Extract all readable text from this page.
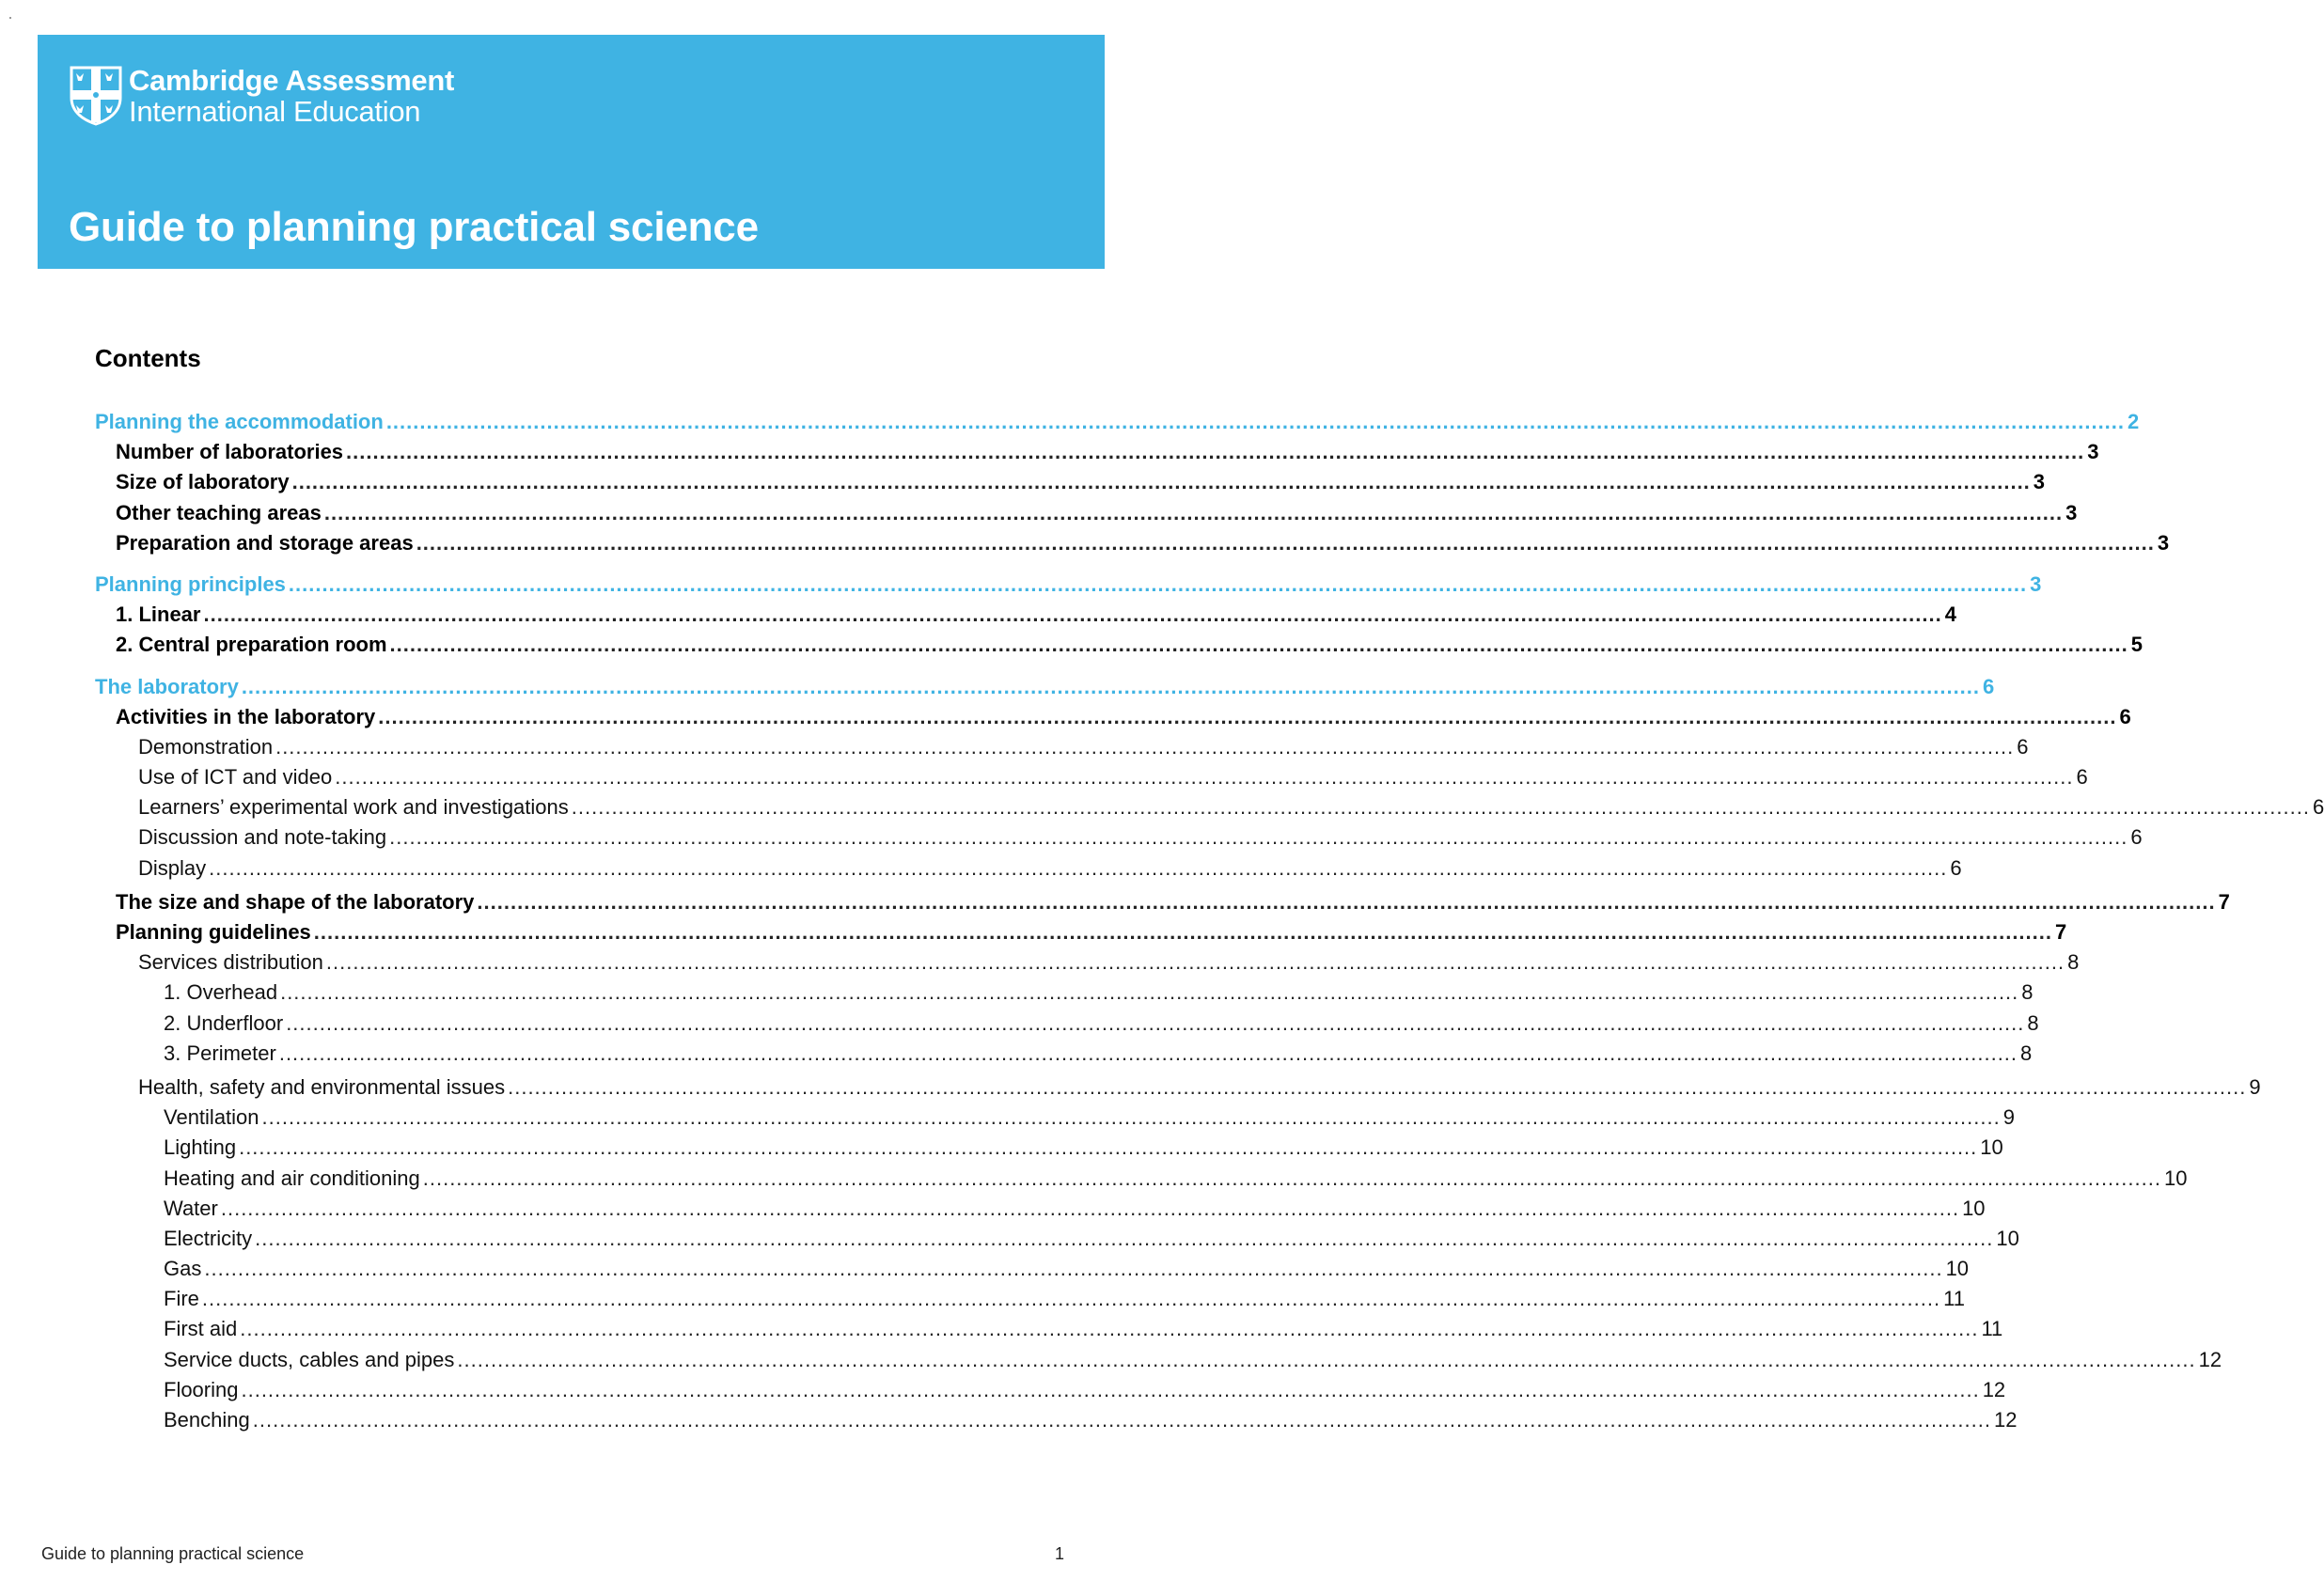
Cambridge Assessment
International Education
Guide to planning practical science
Contents
Planning the accommodation .................................................................................................................................................................................................................................................................... 2
Number of laboratories .................................................................................................................................................................................................................................................................... 3
Size of laboratory .................................................................................................................................................................................................................................................................... 3
Other teaching areas .................................................................................................................................................................................................................................................................... 3
Preparation and storage areas .................................................................................................................................................................................................................................................................... 3
Planning principles .................................................................................................................................................................................................................................................................... 3
1. Linear .................................................................................................................................................................................................................................................................... 4
2. Central preparation room .................................................................................................................................................................................................................................................................... 5
The laboratory .................................................................................................................................................................................................................................................................... 6
Activities in the laboratory .................................................................................................................................................................................................................................................................... 6
Demonstration .................................................................................................................................................................................................................................................................... 6
Use of ICT and video .................................................................................................................................................................................................................................................................... 6
Learners’ experimental work and investigations .................................................................................................................................................................................................................................................................... 6
Discussion and note-taking .................................................................................................................................................................................................................................................................... 6
Display .................................................................................................................................................................................................................................................................... 6
The size and shape of the laboratory .................................................................................................................................................................................................................................................................... 7
Planning guidelines .................................................................................................................................................................................................................................................................... 7
Services distribution .................................................................................................................................................................................................................................................................... 8
1. Overhead .................................................................................................................................................................................................................................................................... 8
2. Underfloor .................................................................................................................................................................................................................................................................... 8
3. Perimeter .................................................................................................................................................................................................................................................................... 8
Health, safety and environmental issues .................................................................................................................................................................................................................................................................... 9
Ventilation .................................................................................................................................................................................................................................................................... 9
Lighting .................................................................................................................................................................................................................................................................... 10
Heating and air conditioning .................................................................................................................................................................................................................................................................... 10
Water .................................................................................................................................................................................................................................................................... 10
Electricity .................................................................................................................................................................................................................................................................... 10
Gas .................................................................................................................................................................................................................................................................... 10
Fire .................................................................................................................................................................................................................................................................... 11
First aid .................................................................................................................................................................................................................................................................... 11
Service ducts, cables and pipes .................................................................................................................................................................................................................................................................... 12
Flooring .................................................................................................................................................................................................................................................................... 12
Benching .................................................................................................................................................................................................................................................................... 12
Guide to planning practical science	1
